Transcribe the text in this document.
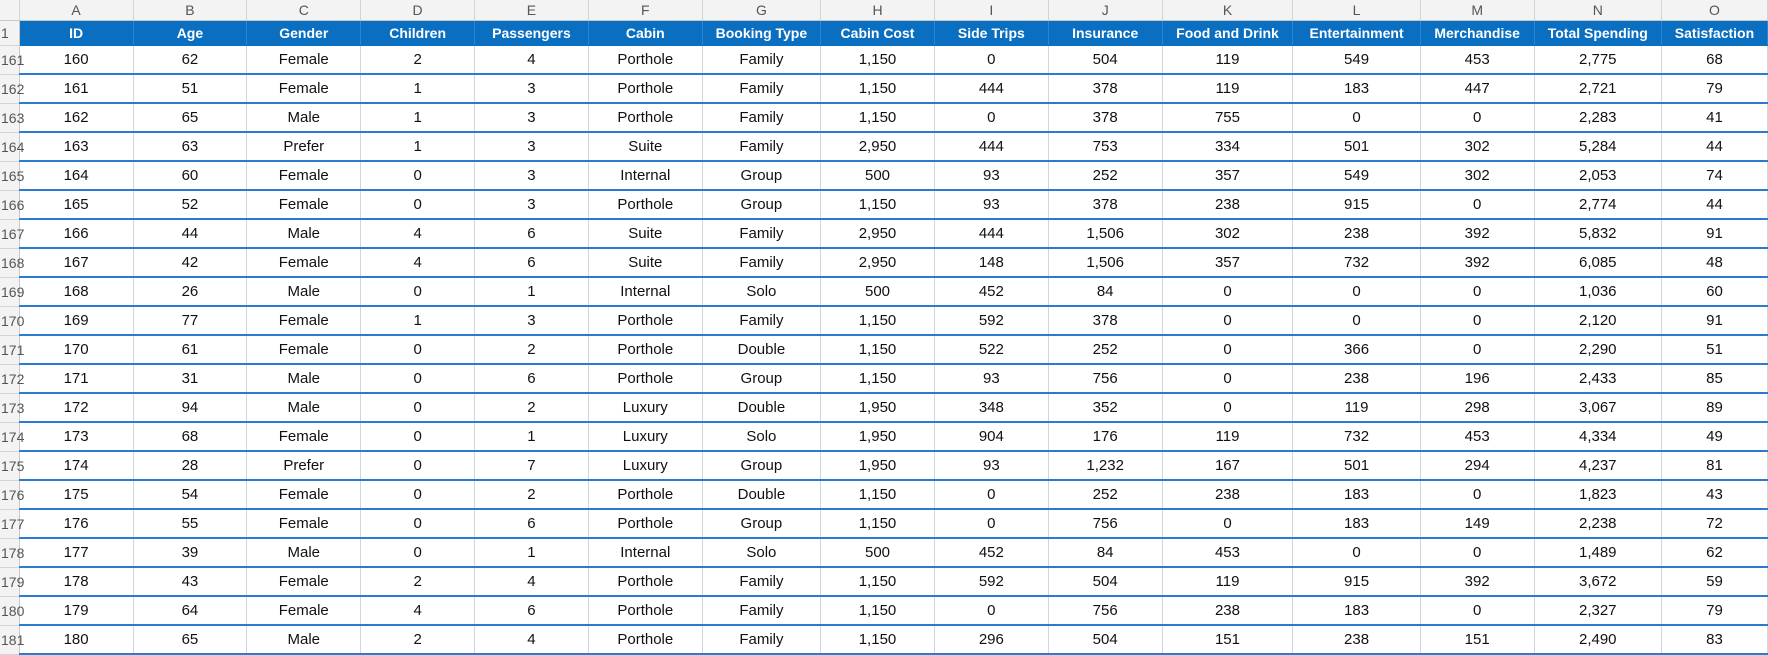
	A	B	C	D	E	F	G	H	I	J	K	L	M	N	O
1	ID	Age	Gender	Children	Passengers	Cabin	Booking Type	Cabin Cost	Side Trips	Insurance	Food and Drink	Entertainment	Merchandise	Total Spending	Satisfaction
161	160	62	Female	2	4	Porthole	Family	1,150	0	504	119	549	453	2,775	68
162	161	51	Female	1	3	Porthole	Family	1,150	444	378	119	183	447	2,721	79
163	162	65	Male	1	3	Porthole	Family	1,150	0	378	755	0	0	2,283	41
164	163	63	Prefer	1	3	Suite	Family	2,950	444	753	334	501	302	5,284	44
165	164	60	Female	0	3	Internal	Group	500	93	252	357	549	302	2,053	74
166	165	52	Female	0	3	Porthole	Group	1,150	93	378	238	915	0	2,774	44
167	166	44	Male	4	6	Suite	Family	2,950	444	1,506	302	238	392	5,832	91
168	167	42	Female	4	6	Suite	Family	2,950	148	1,506	357	732	392	6,085	48
169	168	26	Male	0	1	Internal	Solo	500	452	84	0	0	0	1,036	60
170	169	77	Female	1	3	Porthole	Family	1,150	592	378	0	0	0	2,120	91
171	170	61	Female	0	2	Porthole	Double	1,150	522	252	0	366	0	2,290	51
172	171	31	Male	0	6	Porthole	Group	1,150	93	756	0	238	196	2,433	85
173	172	94	Male	0	2	Luxury	Double	1,950	348	352	0	119	298	3,067	89
174	173	68	Female	0	1	Luxury	Solo	1,950	904	176	119	732	453	4,334	49
175	174	28	Prefer	0	7	Luxury	Group	1,950	93	1,232	167	501	294	4,237	81
176	175	54	Female	0	2	Porthole	Double	1,150	0	252	238	183	0	1,823	43
177	176	55	Female	0	6	Porthole	Group	1,150	0	756	0	183	149	2,238	72
178	177	39	Male	0	1	Internal	Solo	500	452	84	453	0	0	1,489	62
179	178	43	Female	2	4	Porthole	Family	1,150	592	504	119	915	392	3,672	59
180	179	64	Female	4	6	Porthole	Family	1,150	0	756	238	183	0	2,327	79
181	180	65	Male	2	4	Porthole	Family	1,150	296	504	151	238	151	2,490	83
